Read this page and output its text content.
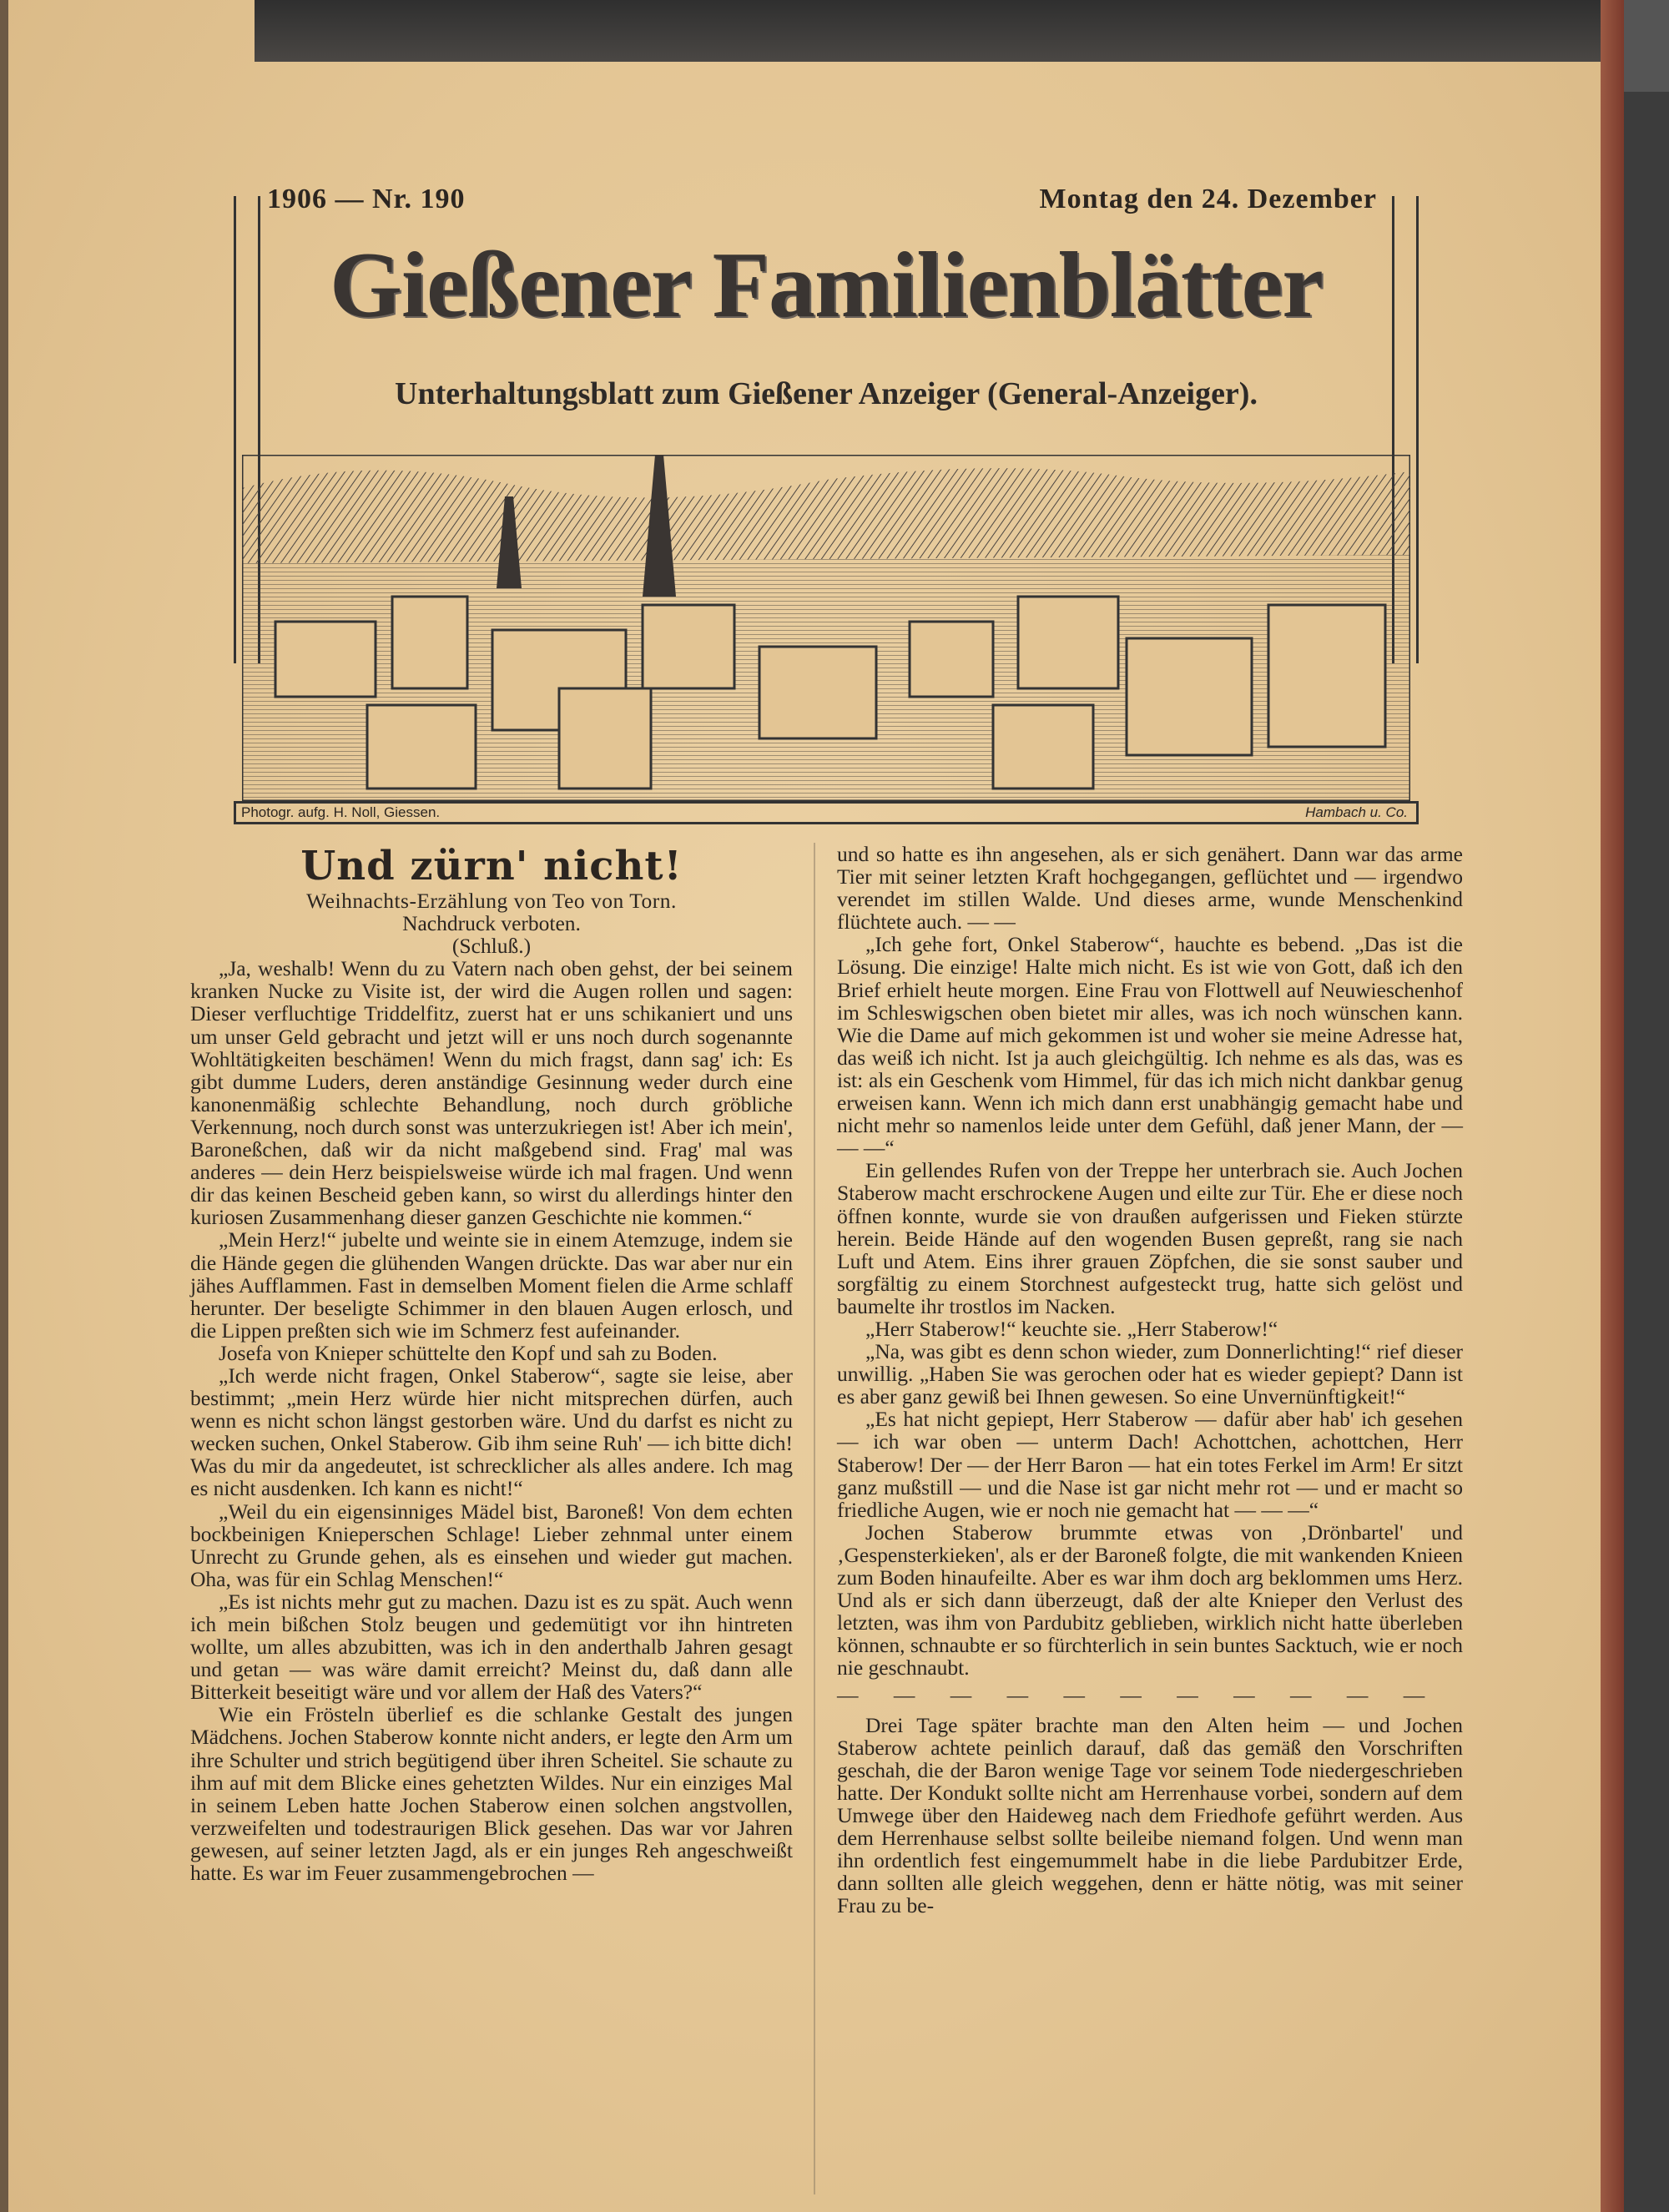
1906 — Nr. 190	Montag den 24. Dezember
Gießener Familienblätter
Unterhaltungsblatt zum Gießener Anzeiger (General-Anzeiger).
Photogr. aufg. H. Noll, Giessen.	Hambach u. Co.
Und zürn' nicht!

Weihnachts-Erzählung von Teo von Torn.

Nachdruck verboten.

(Schluß.)

„Ja, weshalb! Wenn du zu Vatern nach oben gehst, der bei seinem kranken Nucke zu Visite ist, der wird die Augen rollen und sagen: Dieser verfluchtige Triddelfitz, zuerst hat er uns schikaniert und uns um unser Geld gebracht und jetzt will er uns noch durch sogenannte Wohltätigkeiten beschämen! Wenn du mich fragst, dann sag' ich: Es gibt dumme Luders, deren anständige Gesinnung weder durch eine kanonenmäßig schlechte Behandlung, noch durch gröbliche Verkennung, noch durch sonst was unterzukriegen ist! Aber ich mein', Baroneßchen, daß wir da nicht maßgebend sind. Frag' mal was anderes — dein Herz beispielsweise würde ich mal fragen. Und wenn dir das keinen Bescheid geben kann, so wirst du allerdings hinter den kuriosen Zusammenhang dieser ganzen Geschichte nie kommen.“

„Mein Herz!“ jubelte und weinte sie in einem Atemzuge, indem sie die Hände gegen die glühenden Wangen drückte. Das war aber nur ein jähes Aufflammen. Fast in demselben Moment fielen die Arme schlaff herunter. Der beseligte Schimmer in den blauen Augen erlosch, und die Lippen preßten sich wie im Schmerz fest aufeinander.

Josefa von Knieper schüttelte den Kopf und sah zu Boden.

„Ich werde nicht fragen, Onkel Staberow“, sagte sie leise, aber bestimmt; „mein Herz würde hier nicht mitsprechen dürfen, auch wenn es nicht schon längst gestorben wäre. Und du darfst es nicht zu wecken suchen, Onkel Staberow. Gib ihm seine Ruh' — ich bitte dich! Was du mir da angedeutet, ist schrecklicher als alles andere. Ich mag es nicht ausdenken. Ich kann es nicht!“

„Weil du ein eigensinniges Mädel bist, Baroneß! Von dem echten bockbeinigen Knieperschen Schlage! Lieber zehnmal unter einem Unrecht zu Grunde gehen, als es einsehen und wieder gut machen. Oha, was für ein Schlag Menschen!“

„Es ist nichts mehr gut zu machen. Dazu ist es zu spät. Auch wenn ich mein bißchen Stolz beugen und gedemütigt vor ihn hintreten wollte, um alles abzubitten, was ich in den anderthalb Jahren gesagt und getan — was wäre damit erreicht? Meinst du, daß dann alle Bitterkeit beseitigt wäre und vor allem der Haß des Vaters?“

Wie ein Frösteln überlief es die schlanke Gestalt des jungen Mädchens. Jochen Staberow konnte nicht anders, er legte den Arm um ihre Schulter und strich begütigend über ihren Scheitel. Sie schaute zu ihm auf mit dem Blicke eines gehetzten Wildes. Nur ein einziges Mal in seinem Leben hatte Jochen Staberow einen solchen angstvollen, verzweifelten und todestraurigen Blick gesehen. Das war vor Jahren gewesen, auf seiner letzten Jagd, als er ein junges Reh angeschweißt hatte. Es war im Feuer zusammengebrochen —

und so hatte es ihn angesehen, als er sich genähert. Dann war das arme Tier mit seiner letzten Kraft hochgegangen, geflüchtet und — irgendwo verendet im stillen Walde. Und dieses arme, wunde Menschenkind flüchtete auch. — —

„Ich gehe fort, Onkel Staberow“, hauchte es bebend. „Das ist die Lösung. Die einzige! Halte mich nicht. Es ist wie von Gott, daß ich den Brief erhielt heute morgen. Eine Frau von Flottwell auf Neuwieschenhof im Schleswigschen oben bietet mir alles, was ich noch wünschen kann. Wie die Dame auf mich gekommen ist und woher sie meine Adresse hat, das weiß ich nicht. Ist ja auch gleichgültig. Ich nehme es als das, was es ist: als ein Geschenk vom Himmel, für das ich mich nicht dankbar genug erweisen kann. Wenn ich mich dann erst unabhängig gemacht habe und nicht mehr so namenlos leide unter dem Gefühl, daß jener Mann, der — — —“

Ein gellendes Rufen von der Treppe her unterbrach sie. Auch Jochen Staberow macht erschrockene Augen und eilte zur Tür. Ehe er diese noch öffnen konnte, wurde sie von draußen aufgerissen und Fieken stürzte herein. Beide Hände auf den wogenden Busen gepreßt, rang sie nach Luft und Atem. Eins ihrer grauen Zöpfchen, die sie sonst sauber und sorgfältig zu einem Storchnest aufgesteckt trug, hatte sich gelöst und baumelte ihr trostlos im Nacken.

„Herr Staberow!“ keuchte sie. „Herr Staberow!“

„Na, was gibt es denn schon wieder, zum Donnerlichting!“ rief dieser unwillig. „Haben Sie was gerochen oder hat es wieder gepiept? Dann ist es aber ganz gewiß bei Ihnen gewesen. So eine Unvernünftigkeit!“

„Es hat nicht gepiept, Herr Staberow — dafür aber hab' ich gesehen — ich war oben — unterm Dach! Achottchen, achottchen, Herr Staberow! Der — der Herr Baron — hat ein totes Ferkel im Arm! Er sitzt ganz mußstill — und die Nase ist gar nicht mehr rot — und er macht so friedliche Augen, wie er noch nie gemacht hat — — —“

Jochen Staberow brummte etwas von ‚Drönbartel' und ‚Gespensterkieken', als er der Baroneß folgte, die mit wankenden Knieen zum Boden hinaufeilte. Aber es war ihm doch arg beklommen ums Herz. Und als er sich dann überzeugt, daß der alte Knieper den Verlust des letzten, was ihm von Pardubitz geblieben, wirklich nicht hatte überleben können, schnaubte er so fürchterlich in sein buntes Sacktuch, wie er noch nie geschnaubt.

— — — — — — — — — — —

Drei Tage später brachte man den Alten heim — und Jochen Staberow achtete peinlich darauf, daß das gemäß den Vorschriften geschah, die der Baron wenige Tage vor seinem Tode niedergeschrieben hatte. Der Kondukt sollte nicht am Herrenhause vorbei, sondern auf dem Umwege über den Haideweg nach dem Friedhofe geführt werden. Aus dem Herrenhause selbst sollte beileibe niemand folgen. Und wenn man ihn ordentlich fest eingemummelt habe in die liebe Pardubitzer Erde, dann sollten alle gleich weggehen, denn er hätte nötig, was mit seiner Frau zu be-
